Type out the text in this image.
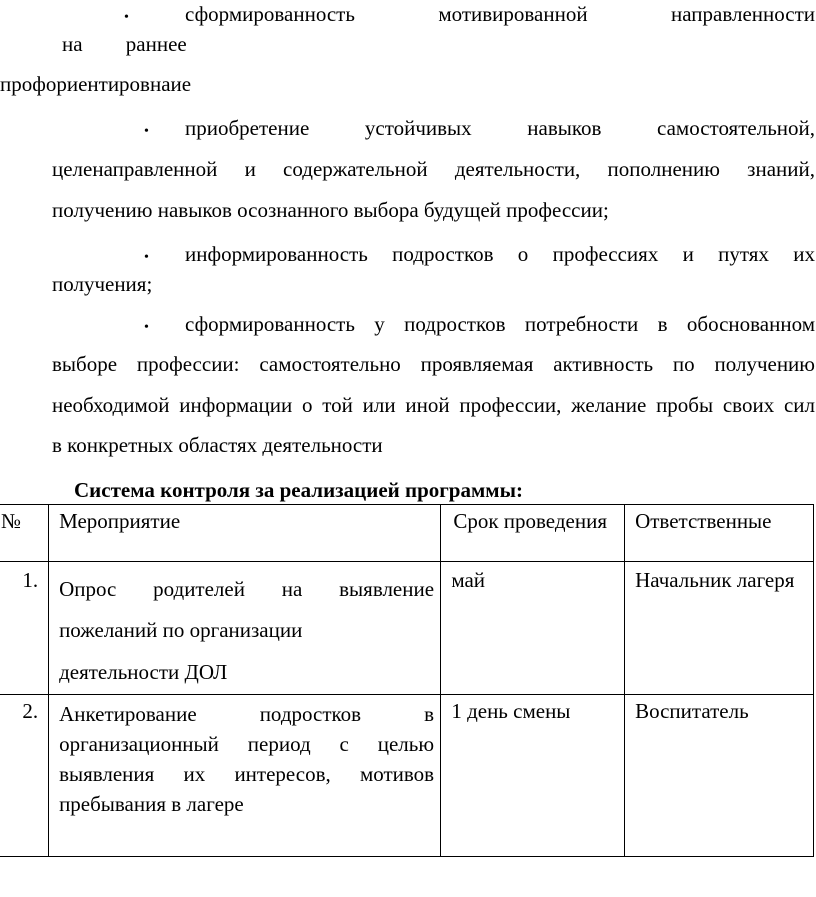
•	сформированность мотивированной направленности
на раннее
профориентировнаие
• приобретение устойчивых навыков самостоятельной,
целенаправленной и содержательной деятельности, пополнению знаний,
получению навыков осознанного выбора будущей профессии;
• информированность подростков о профессиях и путях их
получения;
• сформированность у подростков потребности в обоснованном
выборе профессии: самостоятельно проявляемая активность по получению
необходимой информации о той или иной профессии, желание пробы своих сил
в конкретных областях деятельности
Система контроля за реализацией программы:
№	Мероприятие	Срок проведения	Ответственные

1.	Опрос родителей на выявление
пожеланий по организации
деятельности ДОЛ	май	Начальник лагеря

2.	Анкетирование подростков в
организационный период с целью
выявления их интересов, мотивов
пребывания в лагере	1 день смены	Воспитатель
